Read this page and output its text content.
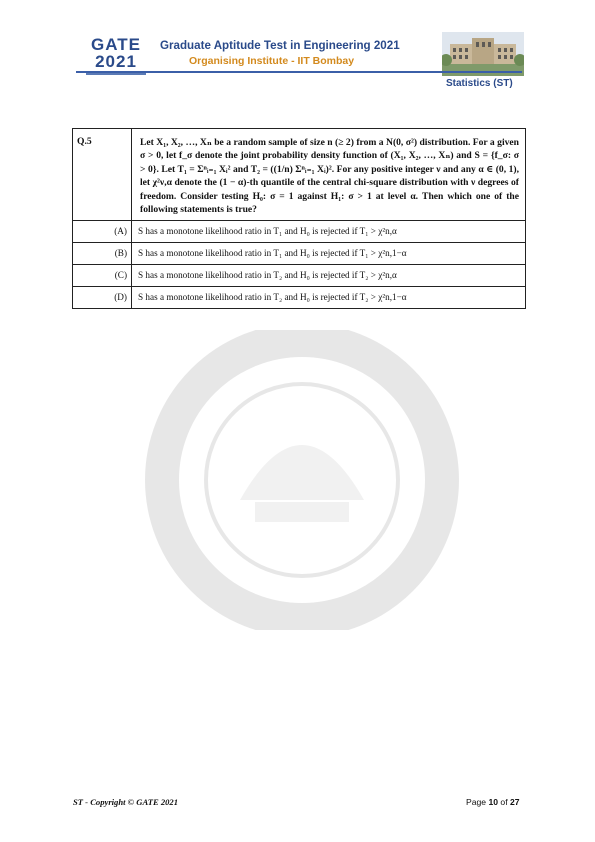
GATE
2021
Graduate Aptitude Test in Engineering 2021
Organising Institute - IIT Bombay
Statistics (ST)
Q.5	Let X₁, X₂, …, Xₙ be a random sample of size n (≥ 2) from a N(0, σ²) distribution. For a given σ > 0, let f_σ denote the joint probability density function of (X₁, X₂, …, Xₙ) and S = {f_σ: σ > 0}. Let T₁ = Σⁿᵢ₌₁ Xᵢ² and T₂ = ((1/n) Σⁿᵢ₌₁ Xᵢ)². For any positive integer ν and any α ∈ (0, 1), let χ²ν,α denote the (1 − α)-th quantile of the central chi-square distribution with ν degrees of freedom. Consider testing H₀: σ = 1 against H₁: σ > 1 at level α. Then which one of the following statements is true?
(A)	S has a monotone likelihood ratio in T₁ and H₀ is rejected if T₁ > χ²n,α
(B)	S has a monotone likelihood ratio in T₁ and H₀ is rejected if T₁ > χ²n,1−α
(C)	S has a monotone likelihood ratio in T₂ and H₀ is rejected if T₂ > χ²n,α
(D)	S has a monotone likelihood ratio in T₂ and H₀ is rejected if T₂ > χ²n,1−α
ST - Copyright © GATE 2021	Page 10 of 27
